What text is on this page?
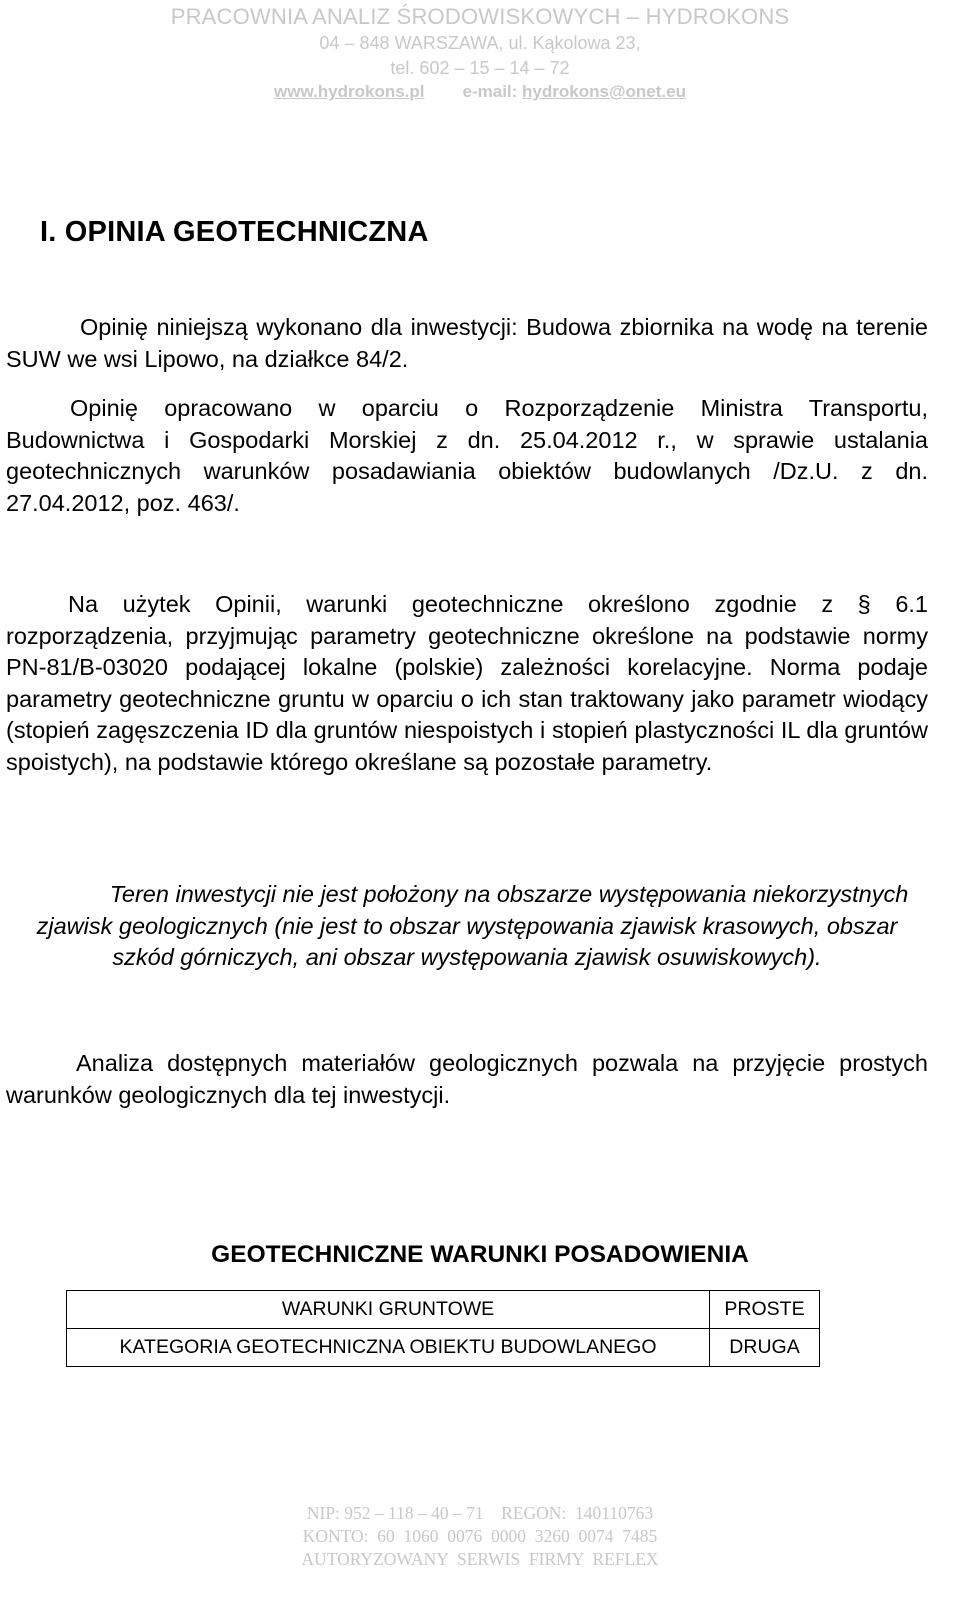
PRACOWNIA ANALIZ ŚRODOWISKOWYCH – HYDROKONS
04 – 848 WARSZAWA, ul. Kąkolowa 23,
tel. 602 – 15 – 14 – 72
www.hydrokons.pl e-mail: hydrokons@onet.eu
I. OPINIA GEOTECHNICZNA

Opinię niniejszą wykonano dla inwestycji: Budowa zbiornika na wodę na terenie SUW we wsi Lipowo, na działkce 84/2.

Opinię opracowano w oparciu o Rozporządzenie Ministra Transportu, Budownictwa i Gospodarki Morskiej z dn. 25.04.2012 r., w sprawie ustalania geotechnicznych warunków posadawiania obiektów budowlanych /Dz.U. z dn. 27.04.2012, poz. 463/.

Na użytek Opinii, warunki geotechniczne określono zgodnie z § 6.1 rozporządzenia, przyjmując parametry geotechniczne określone na podstawie normy PN-81/B-03020 podającej lokalne (polskie) zależności korelacyjne. Norma podaje parametry geotechniczne gruntu w oparciu o ich stan traktowany jako parametr wiodący (stopień zagęszczenia ID dla gruntów niespoistych i stopień plastyczności IL dla gruntów spoistych), na podstawie którego określane są pozostałe parametry.

Teren inwestycji nie jest położony na obszarze występowania niekorzystnych zjawisk geologicznych (nie jest to obszar występowania zjawisk krasowych, obszar szkód górniczych, ani obszar występowania zjawisk osuwiskowych).

Analiza dostępnych materiałów geologicznych pozwala na przyjęcie prostych warunków geologicznych dla tej inwestycji.

GEOTECHNICZNE WARUNKI POSADOWIENIA
WARUNKI GRUNTOWE	PROSTE
KATEGORIA GEOTECHNICZNA OBIEKTU BUDOWLANEGO	DRUGA
NIP: 952 – 118 – 40 – 71    REGON:  140110763
KONTO:  60  1060  0076  0000  3260  0074  7485
AUTORYZOWANY  SERWIS  FIRMY  REFLEX
